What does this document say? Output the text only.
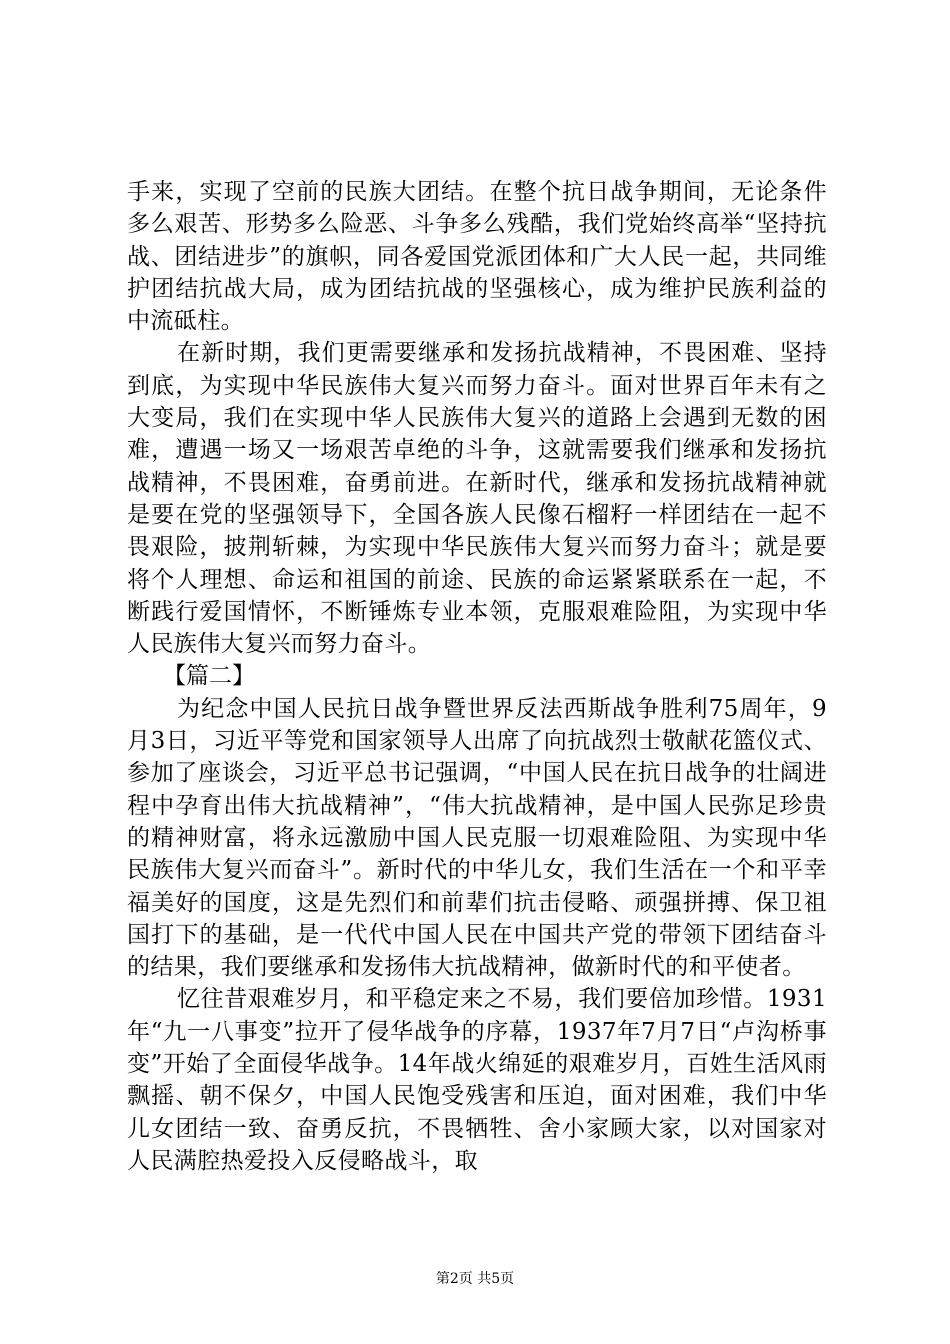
手来，实现了空前的民族大团结。在整个抗日战争期间，无论条件多么艰苦、形势多么险恶、斗争多么残酷，我们党始终高举“坚持抗战、团结进步”的旗帜，同各爱国党派团体和广大人民一起，共同维护团结抗战大局，成为团结抗战的坚强核心，成为维护民族利益的中流砥柱。

在新时期，我们更需要继承和发扬抗战精神，不畏困难、坚持到底，为实现中华民族伟大复兴而努力奋斗。面对世界百年未有之大变局，我们在实现中华人民族伟大复兴的道路上会遇到无数的困难，遭遇一场又一场艰苦卓绝的斗争，这就需要我们继承和发扬抗战精神，不畏困难，奋勇前进。在新时代，继承和发扬抗战精神就是要在党的坚强领导下，全国各族人民像石榴籽一样团结在一起不畏艰险，披荆斩棘，为实现中华民族伟大复兴而努力奋斗；就是要将个人理想、命运和祖国的前途、民族的命运紧紧联系在一起，不断践行爱国情怀，不断锤炼专业本领，克服艰难险阻，为实现中华人民族伟大复兴而努力奋斗。

【篇二】

为纪念中国人民抗日战争暨世界反法西斯战争胜利75周年，9月3日，习近平等党和国家领导人出席了向抗战烈士敬献花篮仪式、参加了座谈会，习近平总书记强调，“中国人民在抗日战争的壮阔进程中孕育出伟大抗战精神”，“伟大抗战精神，是中国人民弥足珍贵的精神财富，将永远激励中国人民克服一切艰难险阻、为实现中华民族伟大复兴而奋斗”。新时代的中华儿女，我们生活在一个和平幸福美好的国度，这是先烈们和前辈们抗击侵略、顽强拼搏、保卫祖国打下的基础，是一代代中国人民在中国共产党的带领下团结奋斗的结果，我们要继承和发扬伟大抗战精神，做新时代的和平使者。

忆往昔艰难岁月，和平稳定来之不易，我们要倍加珍惜。1931年“九一八事变”拉开了侵华战争的序幕，1937年7月7日“卢沟桥事变”开始了全面侵华战争。14年战火绵延的艰难岁月，百姓生活风雨飘摇、朝不保夕，中国人民饱受残害和压迫，面对困难，我们中华儿女团结一致、奋勇反抗，不畏牺牲、舍小家顾大家，以对国家对人民满腔热爱投入反侵略战斗，取

第2页 共5页
